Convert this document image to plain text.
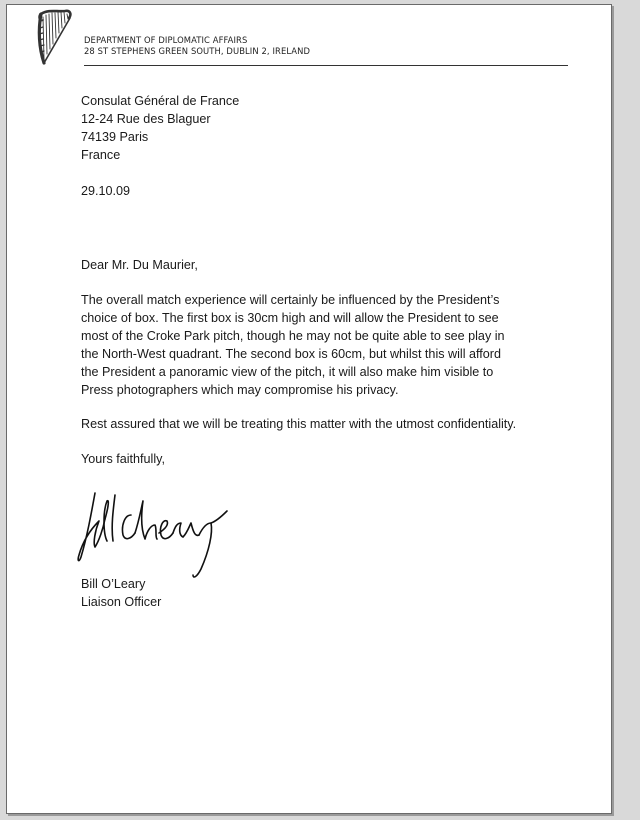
DEPARTMENT OF DIPLOMATIC AFFAIRS
28 ST STEPHENS GREEN SOUTH, DUBLIN 2, IRELAND
Consulat Général de France
12-24 Rue des Blaguer
74139 Paris
France
29.10.09
Dear Mr. Du Maurier,
The overall match experience will certainly be influenced by the President’s
choice of box. The first box is 30cm high and will allow the President to see
most of the Croke Park pitch, though he may not be quite able to see play in
the North-West quadrant. The second box is 60cm, but whilst this will afford
the President a panoramic view of the pitch, it will also make him visible to
Press photographers which may compromise his privacy.
Rest assured that we will be treating this matter with the utmost confidentiality.
Yours faithfully,
Bill O’Leary
Liaison Officer
